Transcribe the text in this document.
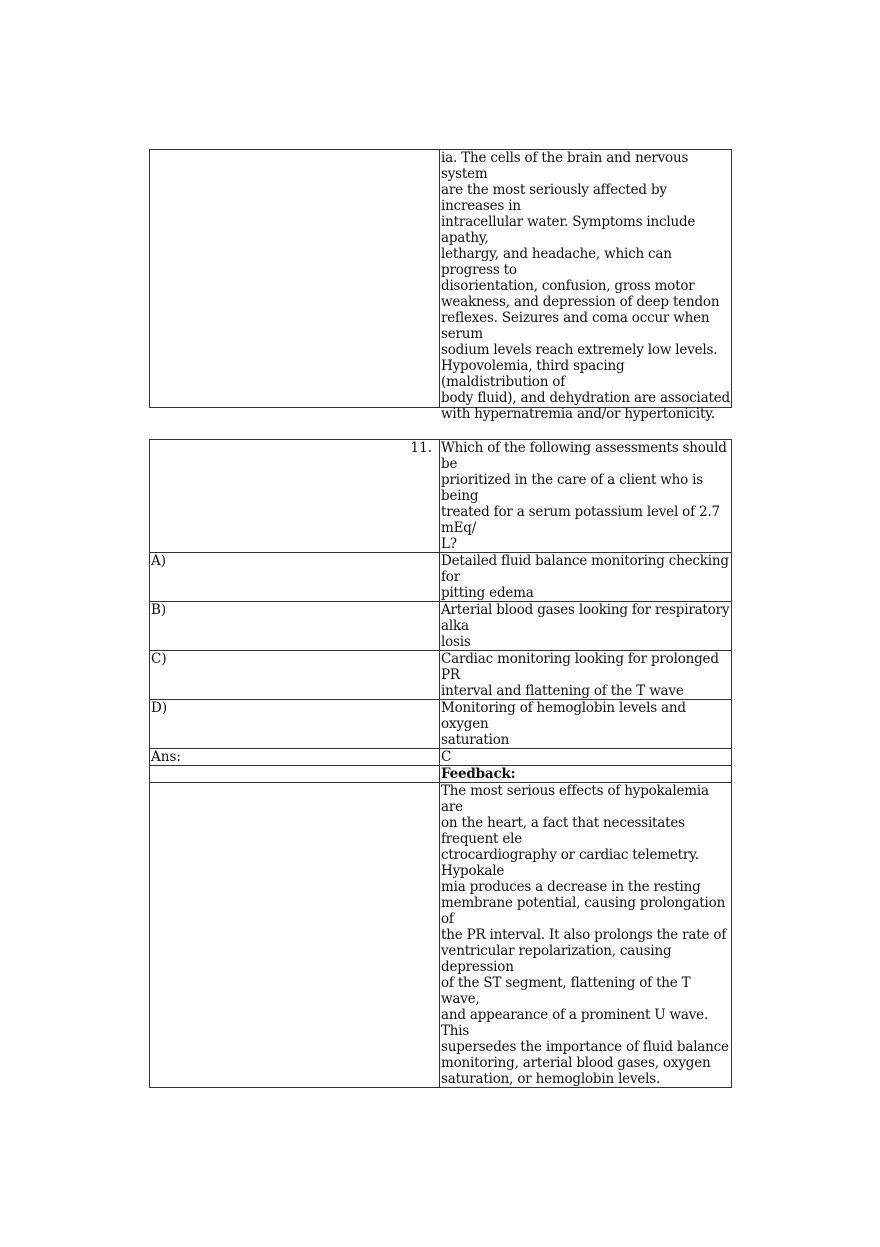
ia. The cells of the brain and nervous system
are the most seriously affected by increases in
intracellular water. Symptoms include apathy,
lethargy, and headache, which can progress to
disorientation, confusion, gross motor
weakness, and depression of deep tendon
reflexes. Seizures and coma occur when serum
sodium levels reach extremely low levels.
Hypovolemia, third spacing (maldistribution of
body fluid), and dehydration are associated
with hypernatremia and/or hypertonicity.
11. Which of the following assessments should be
prioritized in the care of a client who is being
treated for a serum potassium level of 2.7 mEq/
L?
A)	Detailed fluid balance monitoring checking for
pitting edema
B)	Arterial blood gases looking for respiratory alka
losis
C)	Cardiac monitoring looking for prolonged PR
interval and flattening of the T wave
D)	Monitoring of hemoglobin levels and oxygen
saturation
Ans:	C
Feedback:
The most serious effects of hypokalemia are
on the heart, a fact that necessitates frequent ele
ctrocardiography or cardiac telemetry. Hypokale
mia produces a decrease in the resting
membrane potential, causing prolongation of
the PR interval. It also prolongs the rate of
ventricular repolarization, causing depression
of the ST segment, flattening of the T wave,
and appearance of a prominent U wave. This
supersedes the importance of fluid balance
monitoring, arterial blood gases, oxygen
saturation, or hemoglobin levels.
